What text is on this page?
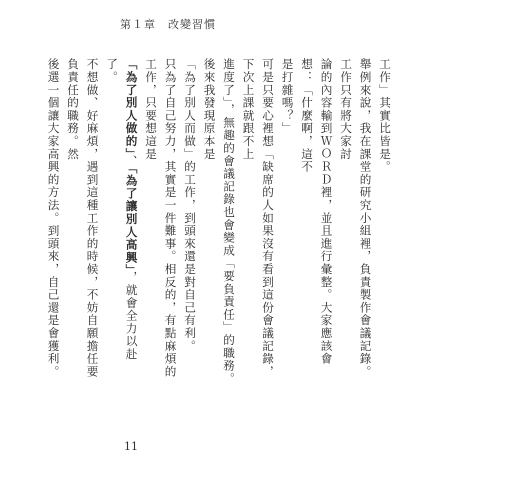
第１章　改變習慣

工作」其實比皆是。

舉例來說，我在課堂的研究小組裡，負責製作會議記錄。工作只有將大家討
論的內容輸到ＷＯＲＤ裡，並且進行彙整。大家應該會想：「什麼啊，這不
是打雜嗎？」

可是只要心裡想「缺席的人如果沒有看到這份會議記錄，下次上課就跟不上
進度了」，無趣的會議記錄也會變成「要負責任」的職務。後來我發現原本是
「為了別人而做」的工作，到頭來還是對自己有利。

只為了自己努力，其實是一件難事。相反的，有點麻煩的工作，只要想這是
「為了別人做的」、「為了讓別人高興」，就會全力以赴了。

不想做、好麻煩，遇到這種工作的時候，不妨自願擔任要負責任的職務。然
後選一個讓大家高興的方法。到頭來，自己還是會獲利。

11
